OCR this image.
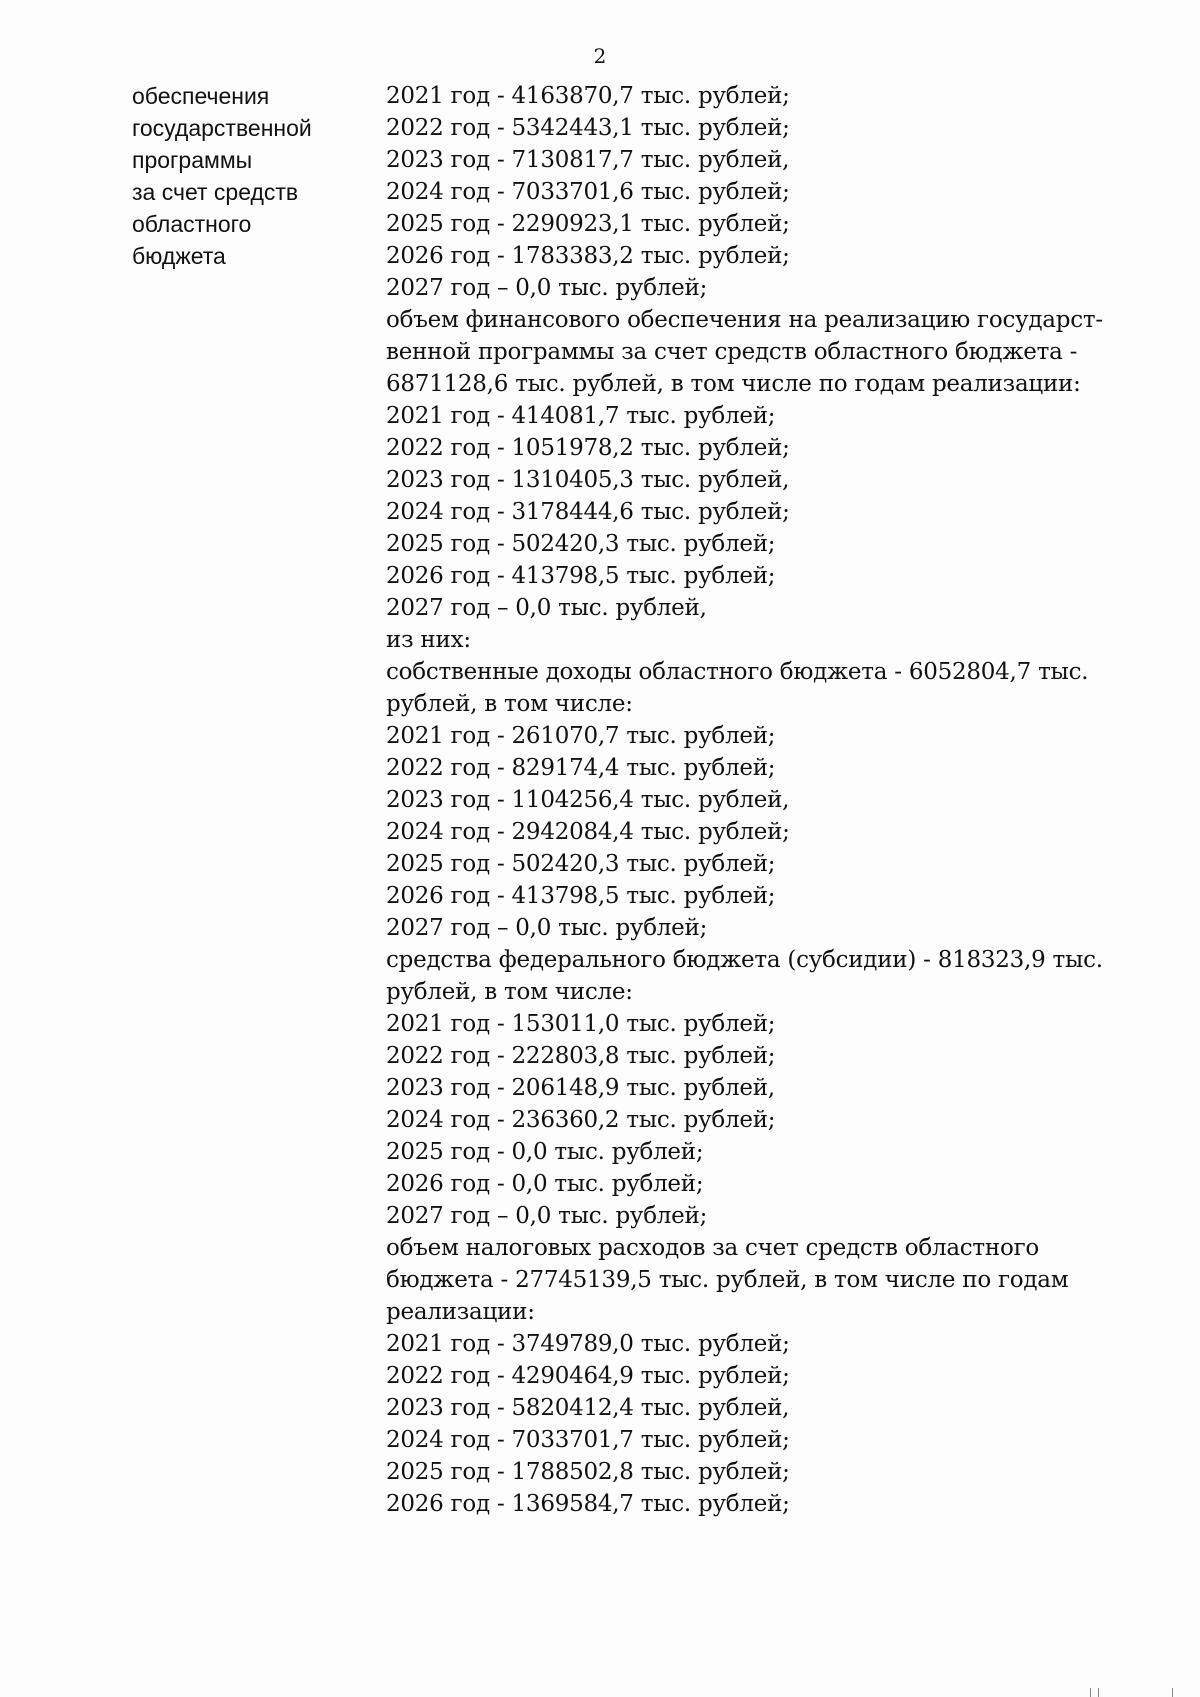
2
обеспечения
государственной
программы
за счет средств
областного
бюджета
2021 год - 4163870,7 тыс. рублей;
2022 год - 5342443,1 тыс. рублей;
2023 год - 7130817,7 тыс. рублей,
2024 год - 7033701,6 тыс. рублей;
2025 год - 2290923,1 тыс. рублей;
2026 год - 1783383,2 тыс. рублей;
2027 год – 0,0 тыс. рублей;
объем финансового обеспечения на реализацию государст-
венной программы за счет средств областного бюджета -
6871128,6 тыс. рублей, в том числе по годам реализации:
2021 год - 414081,7 тыс. рублей;
2022 год - 1051978,2 тыс. рублей;
2023 год - 1310405,3 тыс. рублей,
2024 год - 3178444,6 тыс. рублей;
2025 год - 502420,3 тыс. рублей;
2026 год - 413798,5 тыс. рублей;
2027 год – 0,0 тыс. рублей,
из них:
собственные доходы областного бюджета - 6052804,7 тыс.
рублей, в том числе:
2021 год - 261070,7 тыс. рублей;
2022 год - 829174,4 тыс. рублей;
2023 год - 1104256,4 тыс. рублей,
2024 год - 2942084,4 тыс. рублей;
2025 год - 502420,3 тыс. рублей;
2026 год - 413798,5 тыс. рублей;
2027 год – 0,0 тыс. рублей;
средства федерального бюджета (субсидии) - 818323,9 тыс.
рублей, в том числе:
2021 год - 153011,0 тыс. рублей;
2022 год - 222803,8 тыс. рублей;
2023 год - 206148,9 тыс. рублей,
2024 год - 236360,2 тыс. рублей;
2025 год - 0,0 тыс. рублей;
2026 год - 0,0 тыс. рублей;
2027 год – 0,0 тыс. рублей;
объем налоговых расходов за счет средств областного
бюджета - 27745139,5 тыс. рублей, в том числе по годам
реализации:
2021 год - 3749789,0 тыс. рублей;
2022 год - 4290464,9 тыс. рублей;
2023 год - 5820412,4 тыс. рублей,
2024 год - 7033701,7 тыс. рублей;
2025 год - 1788502,8 тыс. рублей;
2026 год - 1369584,7 тыс. рублей;
